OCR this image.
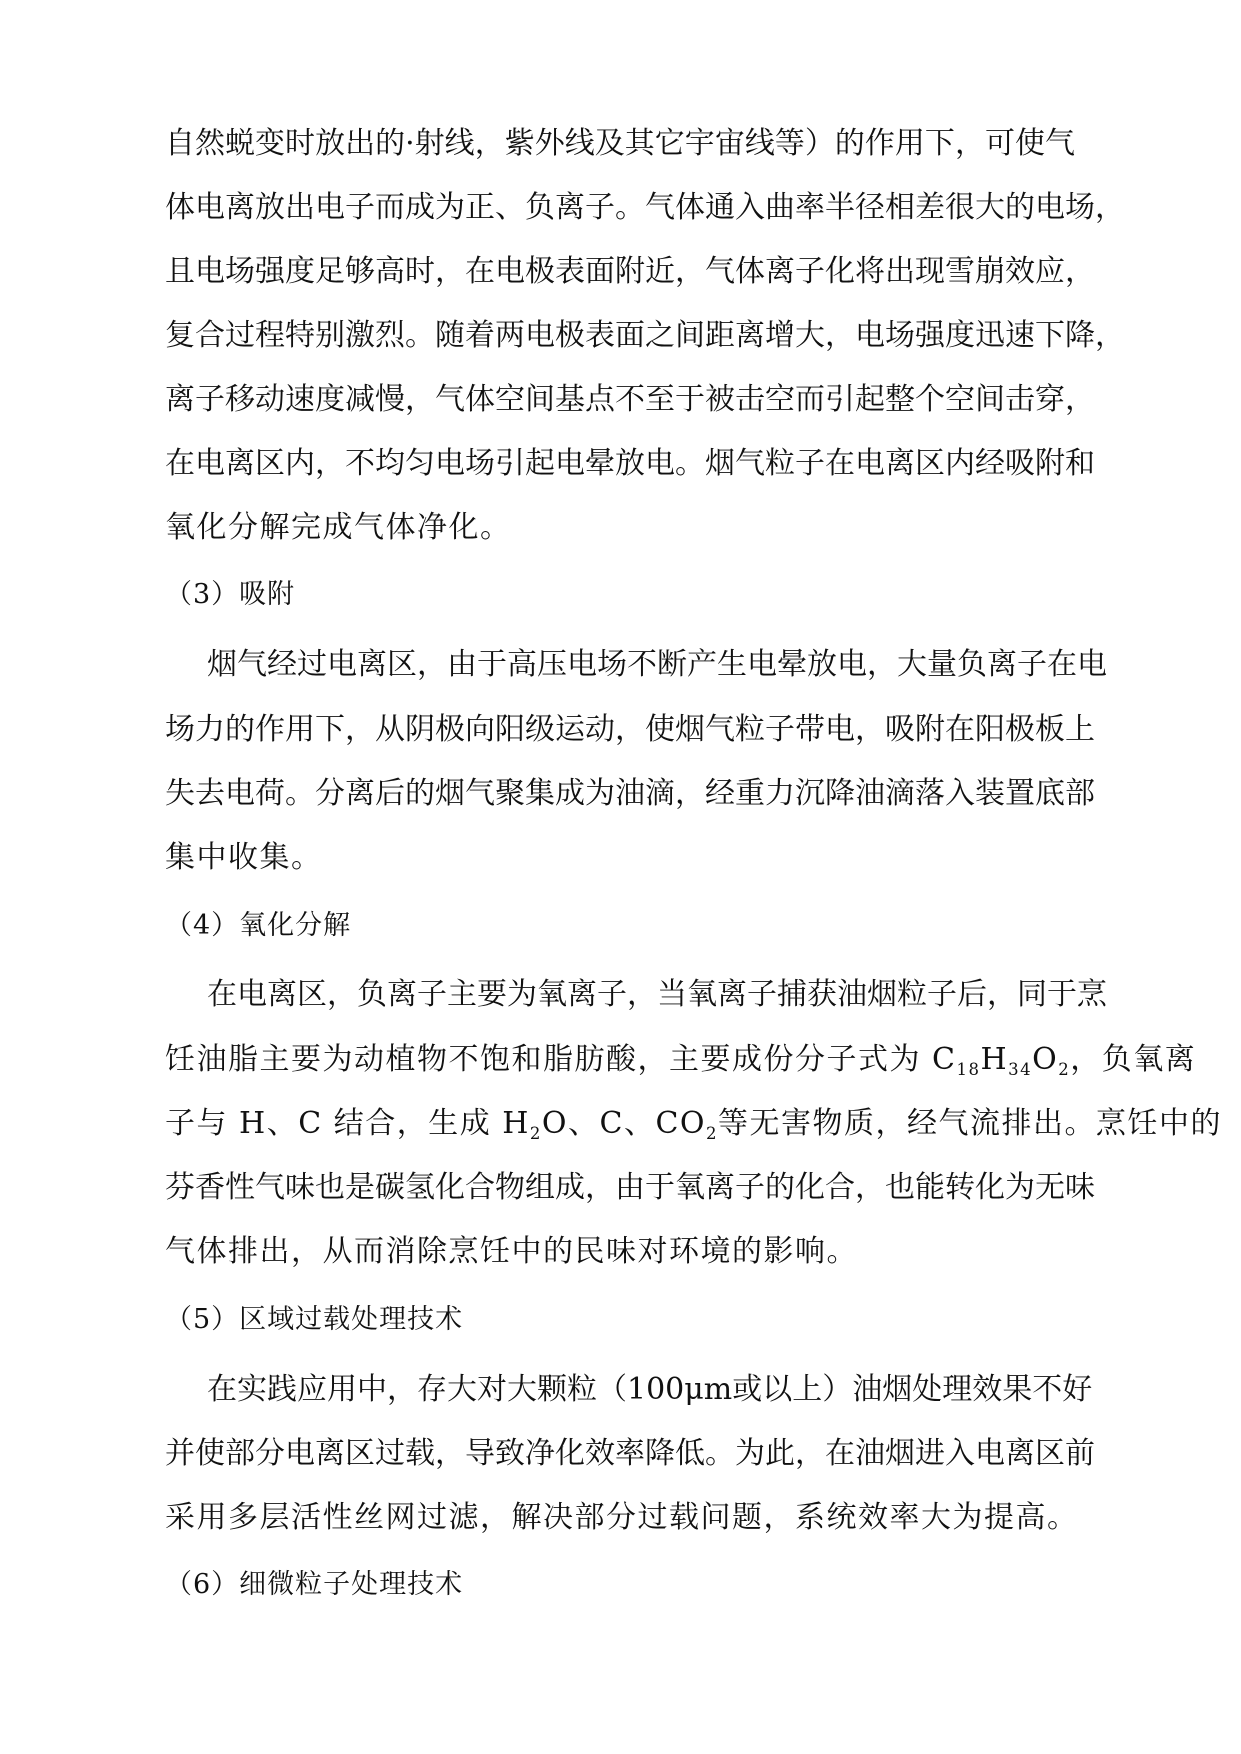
自然蜕变时放出的·射线，紫外线及其它宇宙线等）的作用下，可使气
体电离放出电子而成为正、负离子。气体通入曲率半径相差很大的电场，
且电场强度足够高时，在电极表面附近，气体离子化将出现雪崩效应，
复合过程特别激烈。随着两电极表面之间距离增大，电场强度迅速下降，
离子移动速度减慢，气体空间基点不至于被击空而引起整个空间击穿，
在电离区内，不均匀电场引起电晕放电。烟气粒子在电离区内经吸附和
氧化分解完成气体净化。
（3）吸附
烟气经过电离区，由于高压电场不断产生电晕放电，大量负离子在电
场力的作用下，从阴极向阳级运动，使烟气粒子带电，吸附在阳极板上
失去电荷。分离后的烟气聚集成为油滴，经重力沉降油滴落入装置底部
集中收集。
（4）氧化分解
在电离区，负离子主要为氧离子，当氧离子捕获油烟粒子后，同于烹
饪油脂主要为动植物不饱和脂肪酸，主要成份分子式为 $C_{18}H_{34}O_2$，负氧离
子与 H、C 结合，生成 $H_2O$、C、$CO_2$等无害物质，经气流排出。烹饪中的
芬香性气味也是碳氢化合物组成，由于氧离子的化合，也能转化为无味
气体排出，从而消除烹饪中的民味对环境的影响。
（5）区域过载处理技术
在实践应用中，存大对大颗粒（100μm或以上）油烟处理效果不好
并使部分电离区过载，导致净化效率降低。为此，在油烟进入电离区前
采用多层活性丝网过滤，解决部分过载问题，系统效率大为提高。
（6）细微粒子处理技术
